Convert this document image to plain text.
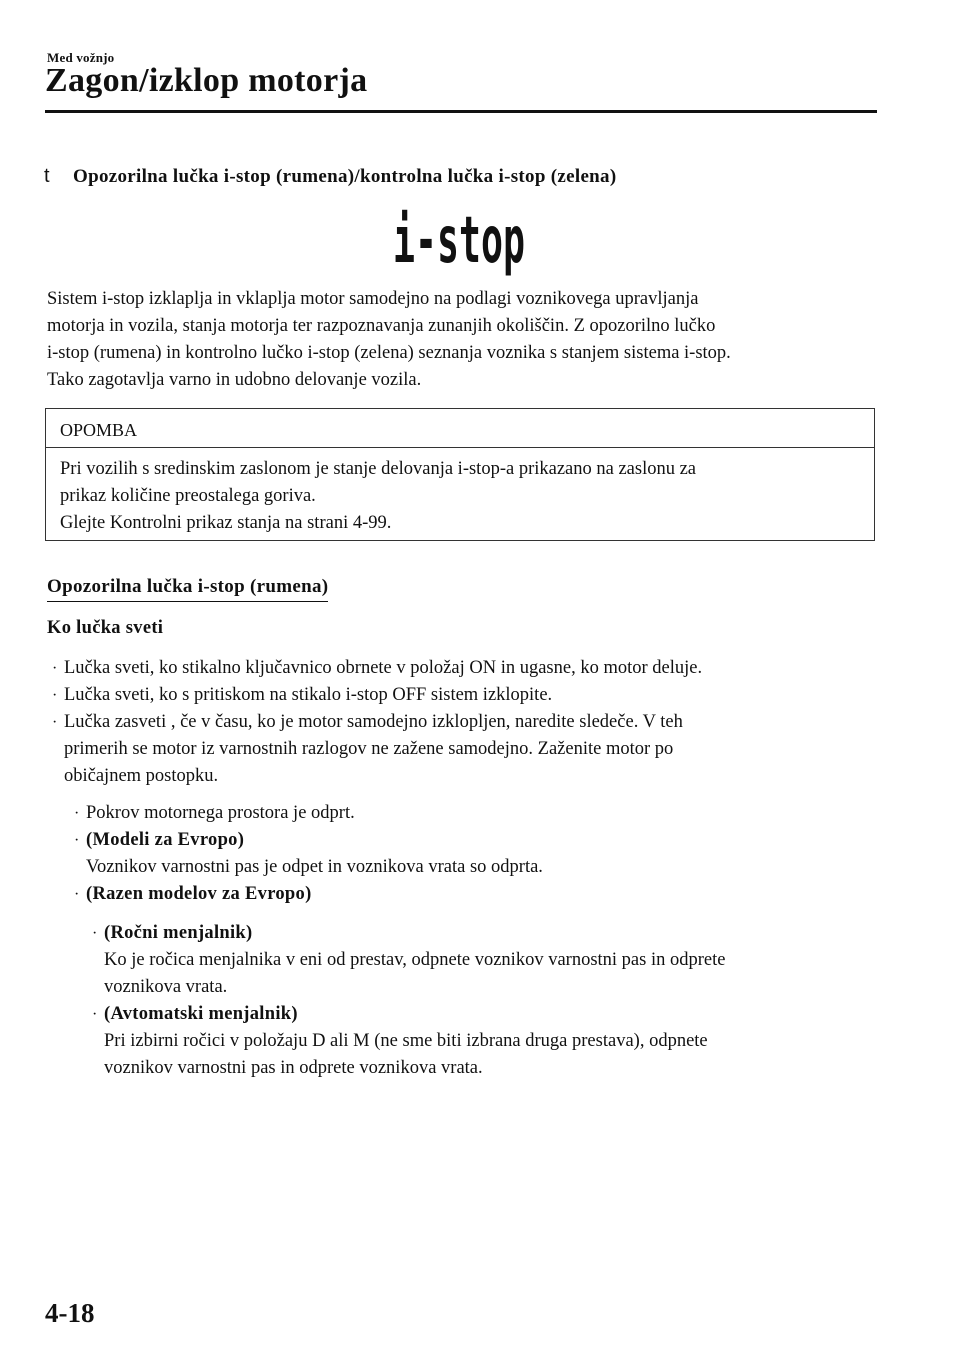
Med vožnjo
Zagon/izklop motorja
t Opozorilna lučka i-stop (rumena)/kontrolna lučka i-stop (zelena)
i-stop
Sistem i-stop izklaplja in vklaplja motor samodejno na podlagi voznikovega upravljanja
motorja in vozila, stanja motorja ter razpoznavanja zunanjih okoliščin. Z opozorilno lučko
i-stop (rumena) in kontrolno lučko i-stop (zelena) seznanja voznika s stanjem sistema i-stop.
Tako zagotavlja varno in udobno delovanje vozila.
OPOMBA
Pri vozilih s sredinskim zaslonom je stanje delovanja i-stop-a prikazano na zaslonu za
prikaz količine preostalega goriva.
Glejte Kontrolni prikaz stanja na strani 4-99.
Opozorilna lučka i-stop (rumena)
Ko lučka sveti
· Lučka sveti, ko stikalno ključavnico obrnete v položaj ON in ugasne, ko motor deluje.
· Lučka sveti, ko s pritiskom na stikalo i-stop OFF sistem izklopite.
· Lučka zasveti , če v času, ko je motor samodejno izklopljen, naredite sledeče. V teh
primerih se motor iz varnostnih razlogov ne zažene samodejno. Zaženite motor po
običajnem postopku.
· Pokrov motornega prostora je odprt.
· (Modeli za Evropo)
Voznikov varnostni pas je odpet in voznikova vrata so odprta.
· (Razen modelov za Evropo)
· (Ročni menjalnik)
Ko je ročica menjalnika v eni od prestav, odpnete voznikov varnostni pas in odprete
voznikova vrata.
· (Avtomatski menjalnik)
Pri izbirni ročici v položaju D ali M (ne sme biti izbrana druga prestava), odpnete
voznikov varnostni pas in odprete voznikova vrata.
4-18
